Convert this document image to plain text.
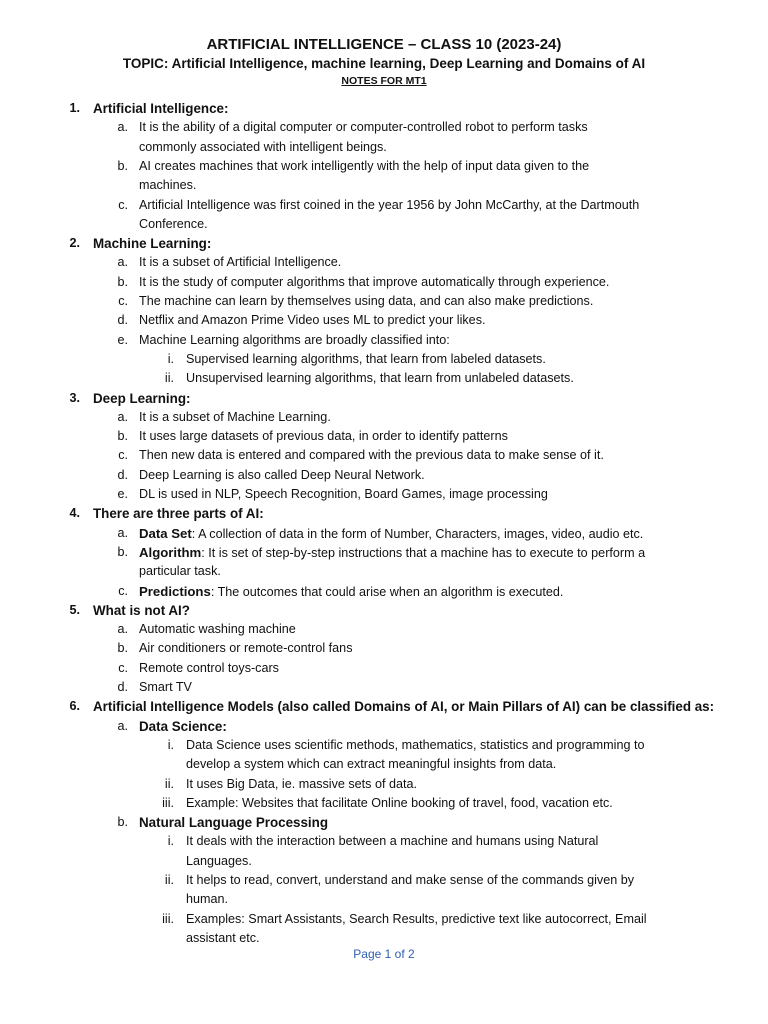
ARTIFICIAL INTELLIGENCE – CLASS 10 (2023-24)
TOPIC: Artificial Intelligence, machine learning, Deep Learning and Domains of AI
NOTES FOR MT1
1. Artificial Intelligence:
a. It is the ability of a digital computer or computer-controlled robot to perform tasks
commonly associated with intelligent beings.
b. AI creates machines that work intelligently with the help of input data given to the
machines.
c. Artificial Intelligence was first coined in the year 1956 by John McCarthy, at the Dartmouth
Conference.
2. Machine Learning:
a. It is a subset of Artificial Intelligence.
b. It is the study of computer algorithms that improve automatically through experience.
c. The machine can learn by themselves using data, and can also make predictions.
d. Netflix and Amazon Prime Video uses ML to predict your likes.
e. Machine Learning algorithms are broadly classified into:
i. Supervised learning algorithms, that learn from labeled datasets.
ii. Unsupervised learning algorithms, that learn from unlabeled datasets.
3. Deep Learning:
a. It is a subset of Machine Learning.
b. It uses large datasets of previous data, in order to identify patterns
c. Then new data is entered and compared with the previous data to make sense of it.
d. Deep Learning is also called Deep Neural Network.
e. DL is used in NLP, Speech Recognition, Board Games, image processing
4. There are three parts of AI:
a. Data Set: A collection of data in the form of Number, Characters, images, video, audio etc.
b. Algorithm: It is set of step-by-step instructions that a machine has to execute to perform a
particular task.
c. Predictions: The outcomes that could arise when an algorithm is executed.
5. What is not AI?
a. Automatic washing machine
b. Air conditioners or remote-control fans
c. Remote control toys-cars
d. Smart TV
6. Artificial Intelligence Models (also called Domains of AI, or Main Pillars of AI) can be classified as:
a. Data Science:
i. Data Science uses scientific methods, mathematics, statistics and programming to
develop a system which can extract meaningful insights from data.
ii. It uses Big Data, ie. massive sets of data.
iii. Example: Websites that facilitate Online booking of travel, food, vacation etc.
b. Natural Language Processing
i. It deals with the interaction between a machine and humans using Natural
Languages.
ii. It helps to read, convert, understand and make sense of the commands given by
human.
iii. Examples: Smart Assistants, Search Results, predictive text like autocorrect, Email
assistant etc.
Page 1 of 2
